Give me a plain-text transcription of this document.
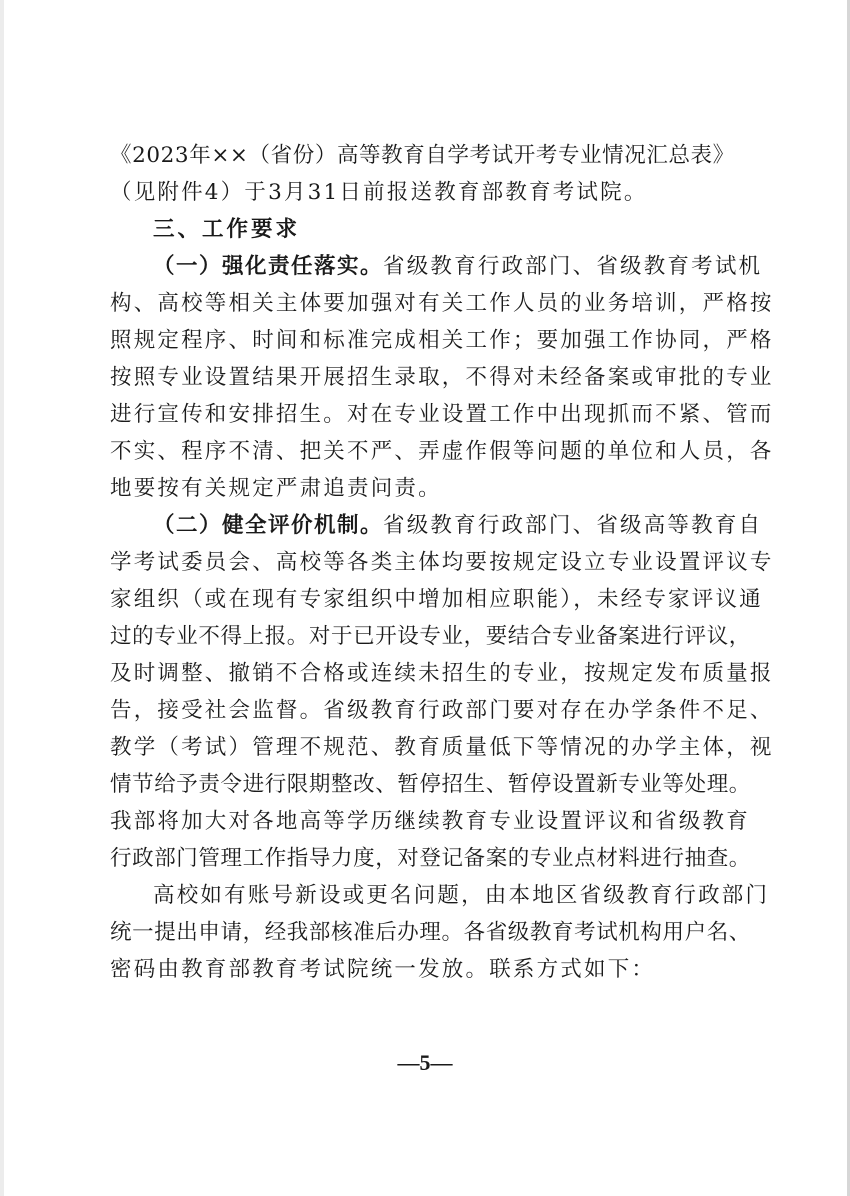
《2023年××（省份）高等教育自学考试开考专业情况汇总表》
（见附件4）于3月31日前报送教育部教育考试院。
三、工作要求
（一）强化责任落实。省级教育行政部门、省级教育考试机
构、高校等相关主体要加强对有关工作人员的业务培训，严格按
照规定程序、时间和标准完成相关工作；要加强工作协同，严格
按照专业设置结果开展招生录取，不得对未经备案或审批的专业
进行宣传和安排招生。对在专业设置工作中出现抓而不紧、管而
不实、程序不清、把关不严、弄虚作假等问题的单位和人员，各
地要按有关规定严肃追责问责。
（二）健全评价机制。省级教育行政部门、省级高等教育自
学考试委员会、高校等各类主体均要按规定设立专业设置评议专
家组织（或在现有专家组织中增加相应职能），未经专家评议通
过的专业不得上报。对于已开设专业，要结合专业备案进行评议，
及时调整、撤销不合格或连续未招生的专业，按规定发布质量报
告，接受社会监督。省级教育行政部门要对存在办学条件不足、
教学（考试）管理不规范、教育质量低下等情况的办学主体，视
情节给予责令进行限期整改、暂停招生、暂停设置新专业等处理。
我部将加大对各地高等学历继续教育专业设置评议和省级教育
行政部门管理工作指导力度，对登记备案的专业点材料进行抽查。
高校如有账号新设或更名问题，由本地区省级教育行政部门
统一提出申请，经我部核准后办理。各省级教育考试机构用户名、
密码由教育部教育考试院统一发放。联系方式如下：
—5—
